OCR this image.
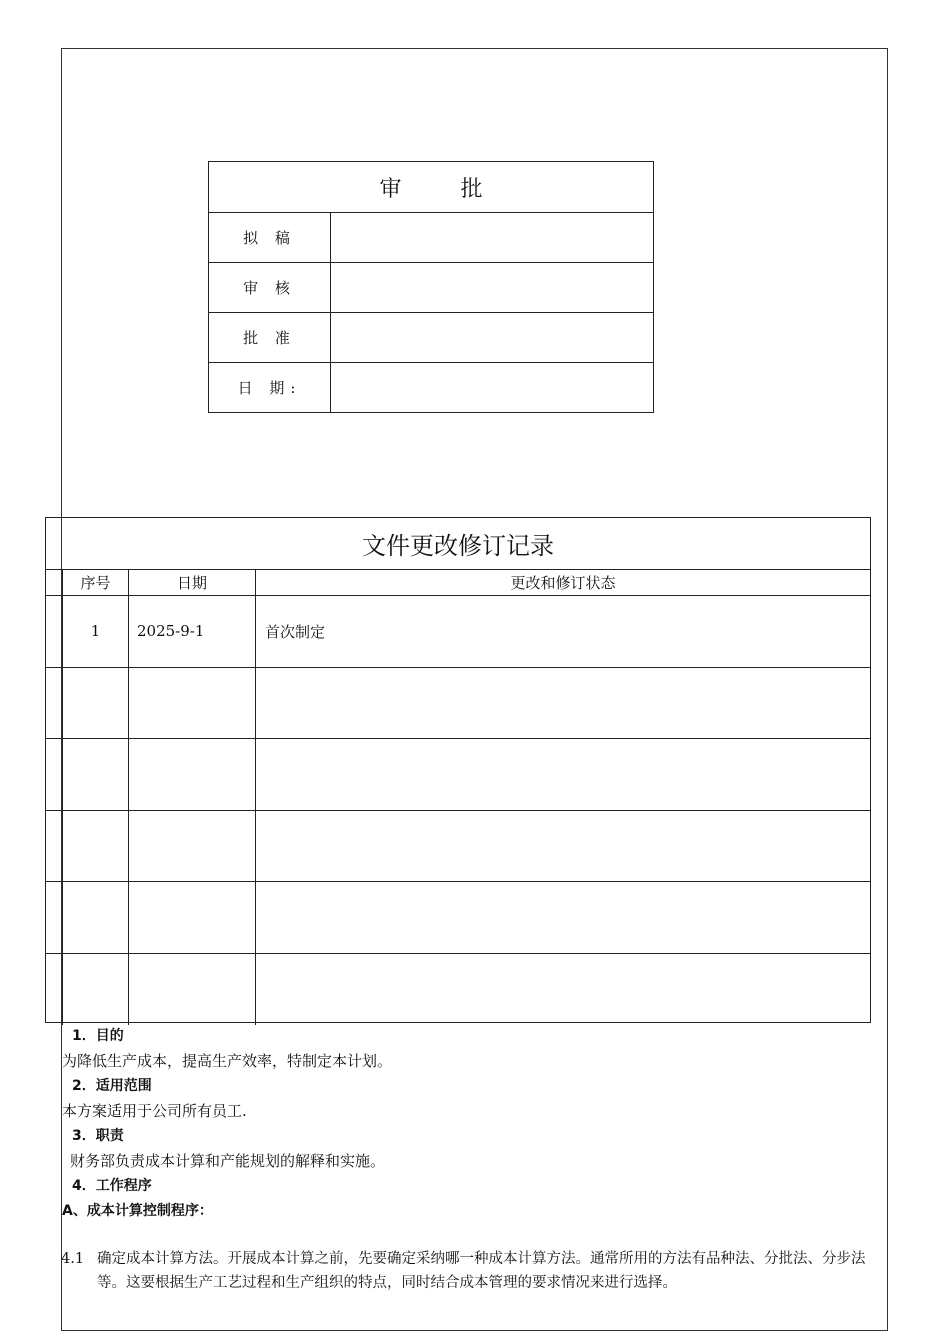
审 批
拟 稿
审 核
批 准
日 期:
文件更改修订记录
序号	日期	更改和修订状态
1	2025-9-1	首次制定
1．目的
为降低生产成本，提高生产效率，特制定本计划。
2．适用范围
本方案适用于公司所有员工.
3．职责
财务部负责成本计算和产能规划的解释和实施。
4．工作程序
A、成本计算控制程序：
4.1 确定成本计算方法。开展成本计算之前，先要确定采纳哪一种成本计算方法。通常所用的方法有品种法、分批法、分步法等。这要根据生产工艺过程和生产组织的特点，同时结合成本管理的要求情况来进行选择。
